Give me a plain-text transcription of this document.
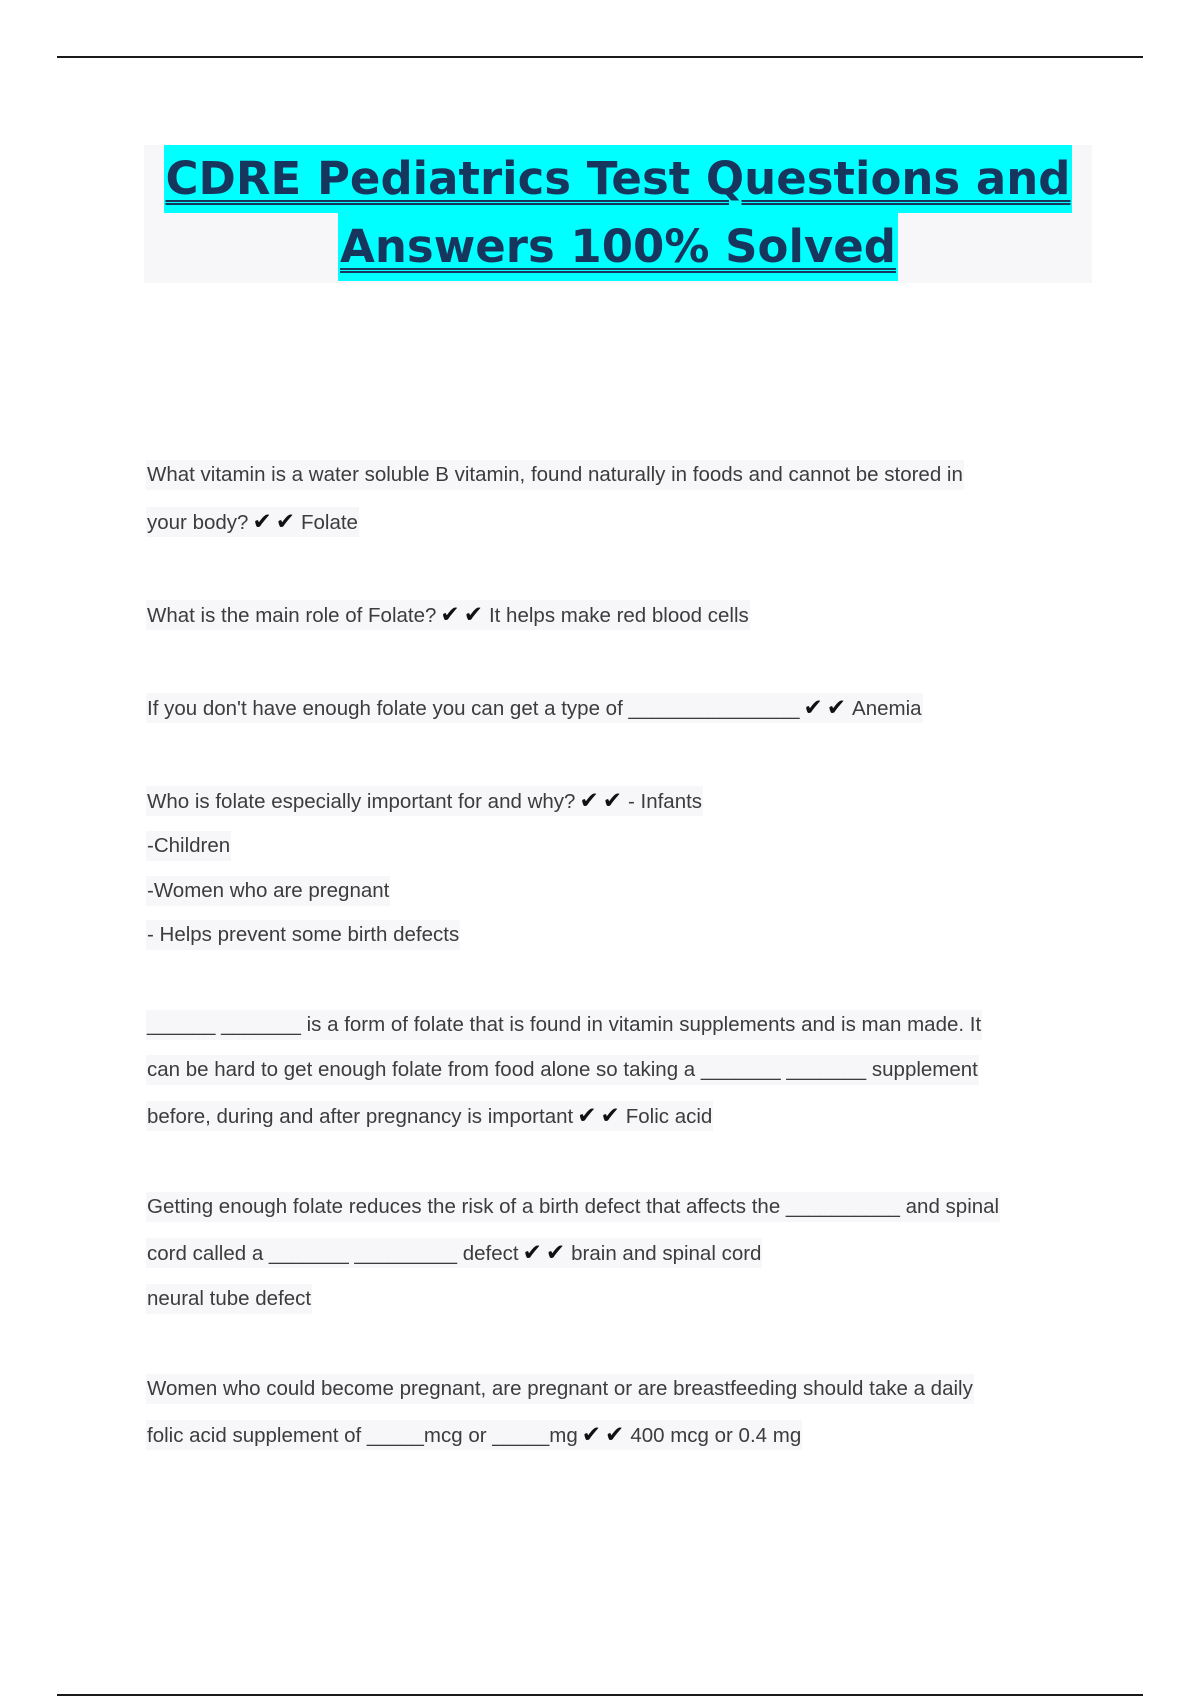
CDRE Pediatrics Test Questions and
Answers 100% Solved
What vitamin is a water soluble B vitamin, found naturally in foods and cannot be stored in
your body? ✔✔Folate
What is the main role of Folate? ✔✔It helps make red blood cells
If you don't have enough folate you can get a type of _______________ ✔✔Anemia
Who is folate especially important for and why? ✔✔- Infants
-Children
-Women who are pregnant
- Helps prevent some birth defects
______ _______ is a form of folate that is found in vitamin supplements and is man made. It
can be hard to get enough folate from food alone so taking a _______ _______ supplement
before, during and after pregnancy is important ✔✔Folic acid
Getting enough folate reduces the risk of a birth defect that affects the __________ and spinal
cord called a _______ _________ defect ✔✔brain and spinal cord
neural tube defect
Women who could become pregnant, are pregnant or are breastfeeding should take a daily
folic acid supplement of _____mcg or _____mg ✔✔400 mcg or 0.4 mg
